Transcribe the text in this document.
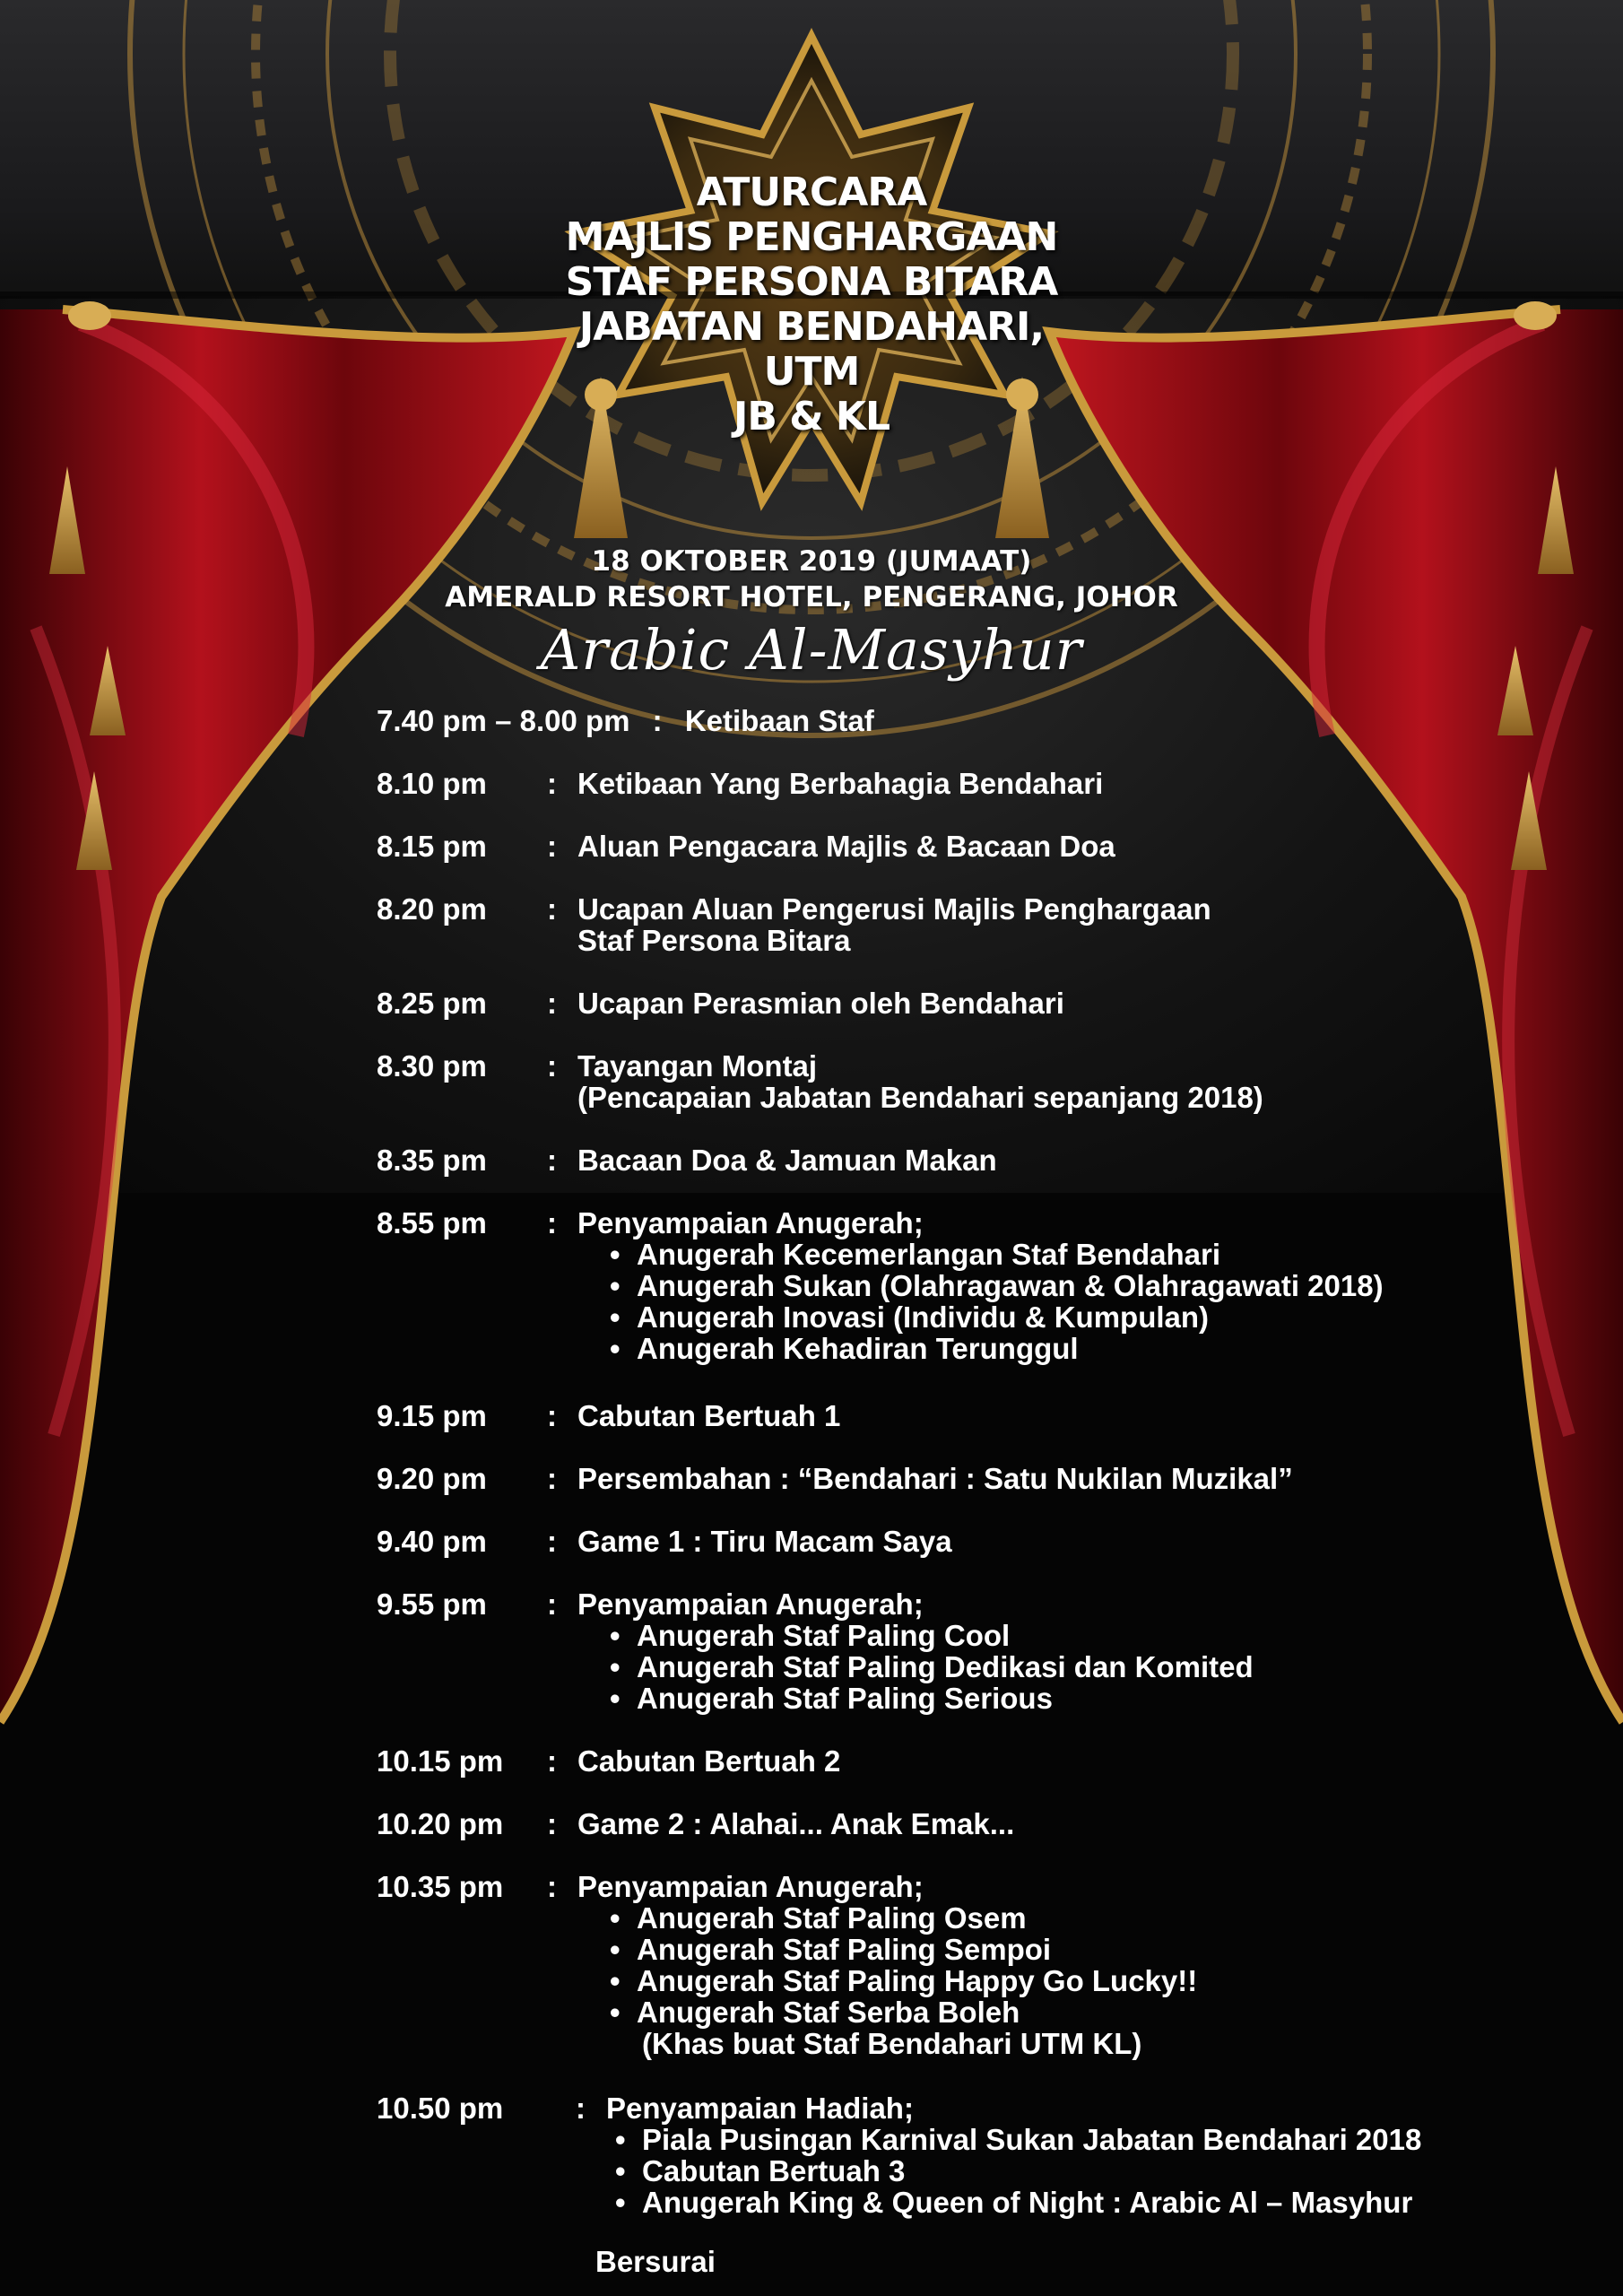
ATURCARA
MAJLIS PENGHARGAAN
STAF PERSONA BITARA
JABATAN BENDAHARI, UTM
JB & KL
18 OKTOBER 2019 (JUMAAT)
AMERALD RESORT HOTEL, PENGERANG, JOHOR
Arabic Al-Masyhur
7.40 pm – 8.00 pm : Ketibaan Staf
8.10 pm : Ketibaan Yang Berbahagia Bendahari
8.15 pm : Aluan Pengacara Majlis & Bacaan Doa
8.20 pm : Ucapan Aluan Pengerusi Majlis Penghargaan
Staf Persona Bitara
8.25 pm : Ucapan Perasmian oleh Bendahari
8.30 pm : Tayangan Montaj
(Pencapaian Jabatan Bendahari sepanjang 2018)
8.35 pm : Bacaan Doa & Jamuan Makan
8.55 pm : Penyampaian Anugerah;
• Anugerah Kecemerlangan Staf Bendahari
• Anugerah Sukan (Olahragawan & Olahragawati 2018)
• Anugerah Inovasi (Individu & Kumpulan)
• Anugerah Kehadiran Terunggul
9.15 pm : Cabutan Bertuah 1
9.20 pm : Persembahan : “Bendahari : Satu Nukilan Muzikal”
9.40 pm : Game 1 : Tiru Macam Saya
9.55 pm : Penyampaian Anugerah;
• Anugerah Staf Paling Cool
• Anugerah Staf Paling Dedikasi dan Komited
• Anugerah Staf Paling Serious
10.15 pm : Cabutan Bertuah 2
10.20 pm : Game 2 : Alahai... Anak Emak...
10.35 pm : Penyampaian Anugerah;
• Anugerah Staf Paling Osem
• Anugerah Staf Paling Sempoi
• Anugerah Staf Paling Happy Go Lucky!!
• Anugerah Staf Serba Boleh
(Khas buat Staf Bendahari UTM KL)
10.50 pm : Penyampaian Hadiah;
• Piala Pusingan Karnival Sukan Jabatan Bendahari 2018
• Cabutan Bertuah 3
• Anugerah King & Queen of Night : Arabic Al – Masyhur
Bersurai
